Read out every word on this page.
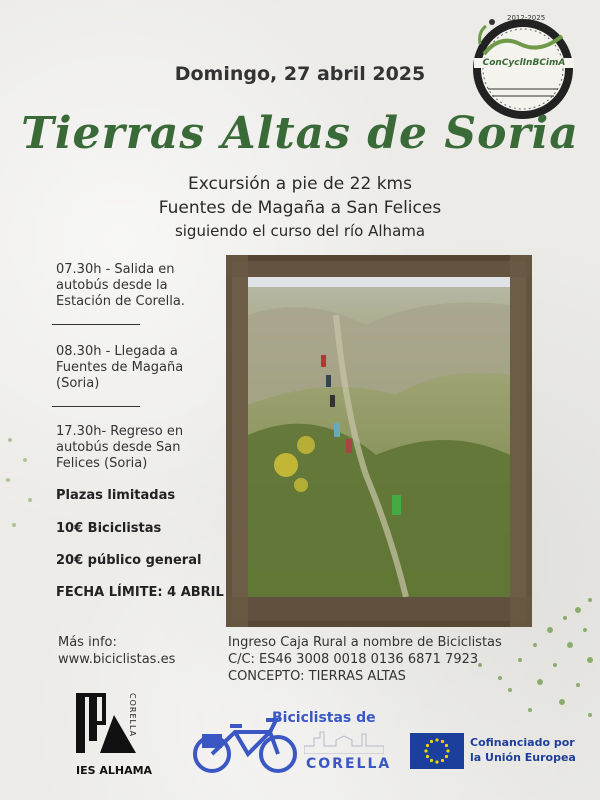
2012-2025
ConCyclInBCimA
Domingo, 27 abril 2025
Tierras Altas de Soria
Excursión a pie de 22 kms
Fuentes de Magaña a San Felices
siguiendo el curso del río Alhama
07.30h - Salida en
autobús desde la
Estación de Corella.
08.30h - Llegada a
Fuentes de Magaña
(Soria)
17.30h- Regreso en
autobús desde San
Felices (Soria)
Plazas limitadas
10€ Biciclistas
20€ público general
FECHA LÍMITE: 4 ABRIL
Más info:
www.biciclistas.es
Ingreso Caja Rural a nombre de Biciclistas
C/C: ES46 3008 0018 0136 6871 7923
CONCEPTO: TIERRAS ALTAS
CORELLA
IES ALHAMA
Biciclistas de
CORELLA
Cofinanciado por
la Unión Europea
